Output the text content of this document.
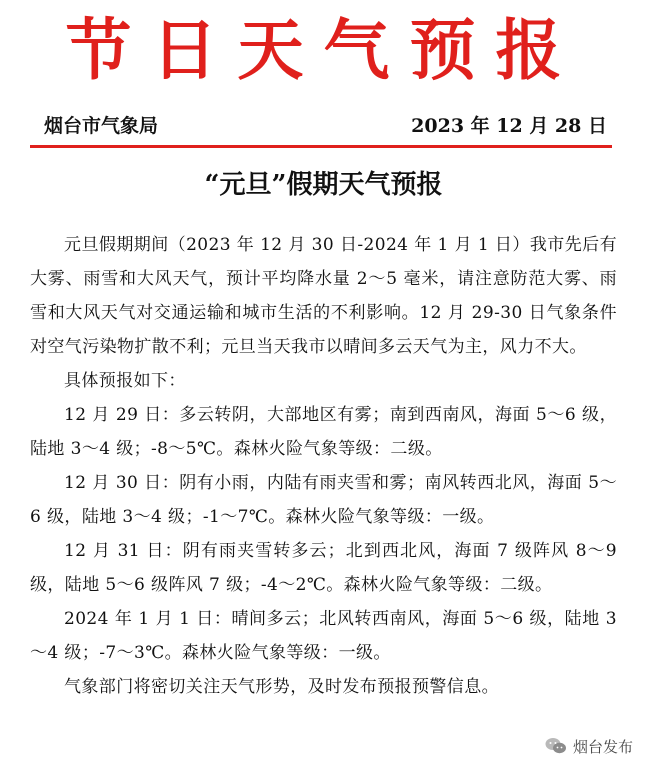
节日天气预报
烟台市气象局	2023 年 12 月 28 日
“元旦”假期天气预报

元旦假期期间（2023 年 12 月 30 日-2024 年 1 月 1 日）我市先后有大雾、雨雪和大风天气，预计平均降水量 2～5 毫米，请注意防范大雾、雨雪和大风天气对交通运输和城市生活的不利影响。12 月 29-30 日气象条件对空气污染物扩散不利；元旦当天我市以晴间多云天气为主，风力不大。

具体预报如下：

12 月 29 日：多云转阴，大部地区有雾；南到西南风，海面 5～6 级，陆地 3～4 级；-8～5℃。森林火险气象等级：二级。

12 月 30 日：阴有小雨，内陆有雨夹雪和雾；南风转西北风，海面 5～6 级，陆地 3～4 级；-1～7℃。森林火险气象等级：一级。

12 月 31 日：阴有雨夹雪转多云；北到西北风，海面 7 级阵风 8～9 级，陆地 5～6 级阵风 7 级；-4～2℃。森林火险气象等级：二级。

2024 年 1 月 1 日：晴间多云；北风转西南风，海面 5～6 级，陆地 3～4 级；-7～3℃。森林火险气象等级：一级。

气象部门将密切关注天气形势，及时发布预报预警信息。

烟台发布
